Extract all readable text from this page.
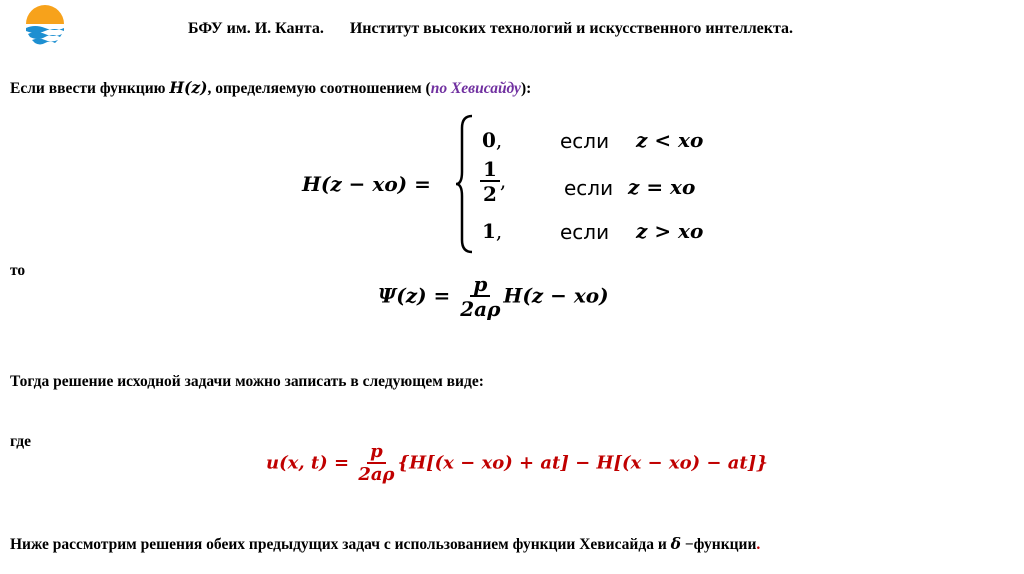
БФУ им. И. Канта. Институт высоких технологий и искусственного интеллекта.
Если ввести функцию H(z), определяемую соотношением (по Хевисайду):
H(z − xo) =
0,	если z < xo
$\frac{1}{2}$ ,	если z = xo
1,	если z > xo
то
$\Psi(z) = \frac{p}{2a\rho} H(z - xo)$
Тогда решение исходной задачи можно записать в следующем виде:
где
u(x, $t) = \frac{p}{2a\rho} \{H[(x - xo) + at] - H[(x - xo) - at]\}$
Ниже рассмотрим решения обеих предыдущих задач с использованием функции Хевисайда и δ −функции.
